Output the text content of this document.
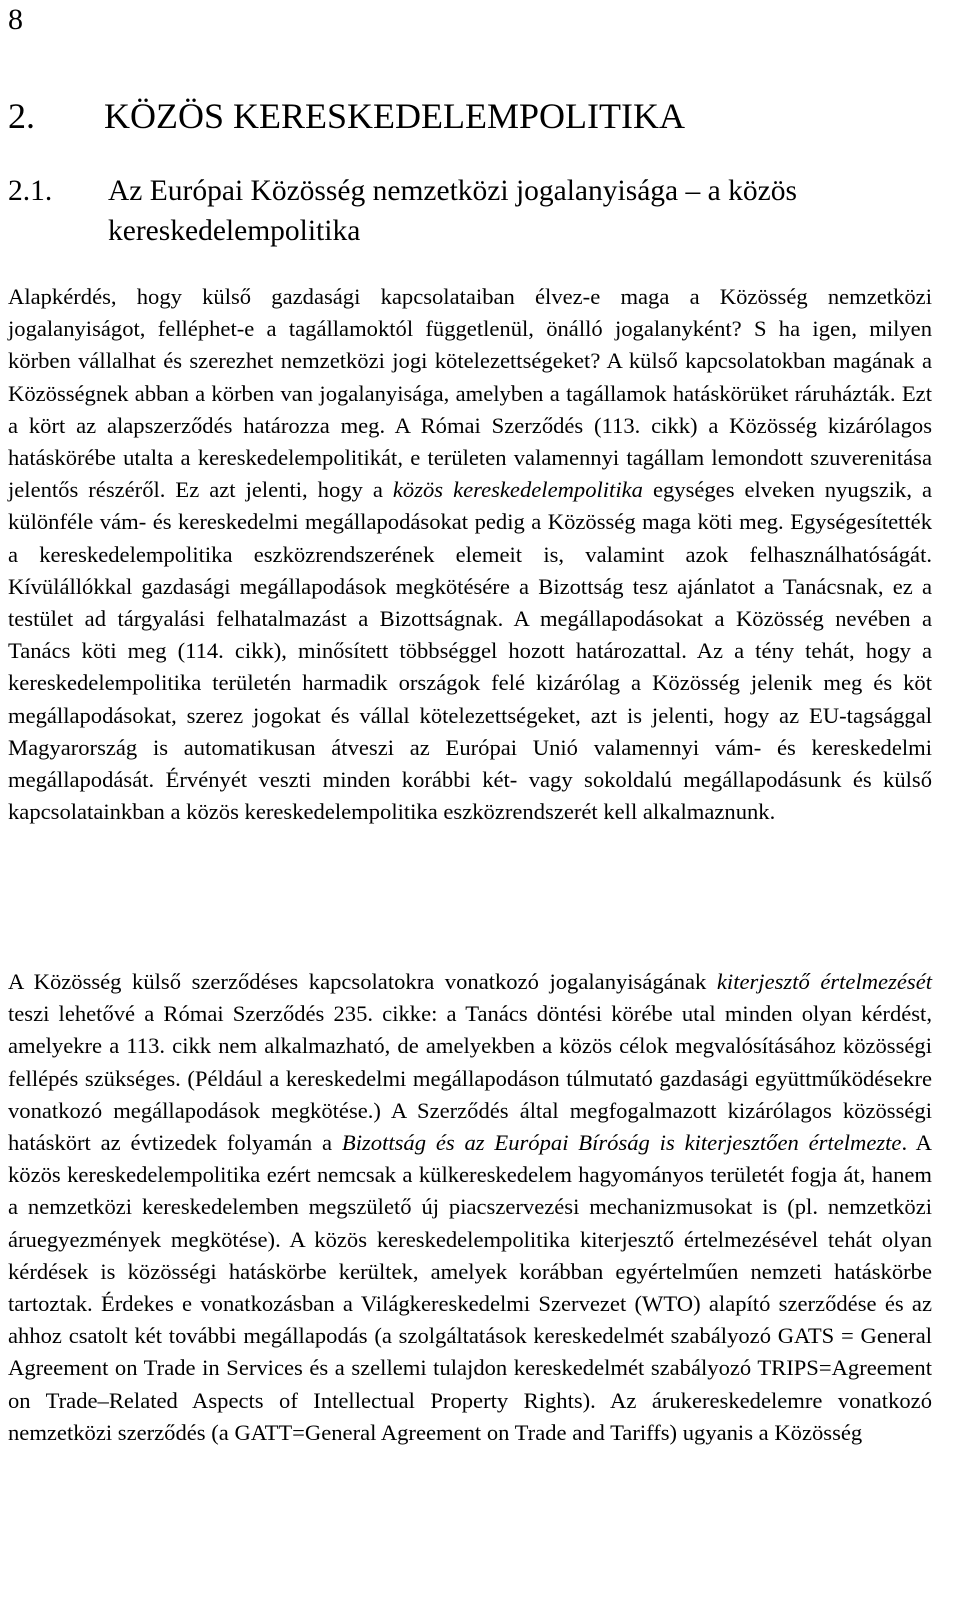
8
2. KÖZÖS KERESKEDELEMPOLITIKA
2.1. Az Európai Közösség nemzetközi jogalanyisága – a közös kereskedelempolitika

Alapkérdés, hogy külső gazdasági kapcsolataiban élvez-e maga a Közösség nemzetközi jogalanyiságot, felléphet-e a tagállamoktól függetlenül, önálló jogalanyként? S ha igen, milyen körben vállalhat és szerezhet nemzetközi jogi kötelezettségeket? A külső kapcsolatokban magának a Közösségnek abban a körben van jogalanyisága, amelyben a tagállamok hatáskörüket ráruházták. Ezt a kört az alapszerződés határozza meg. A Római Szerződés (113. cikk) a Közösség kizárólagos hatáskörébe utalta a kereskedelempolitikát, e területen valamennyi tagállam lemondott szuverenitása jelentős részéről. Ez azt jelenti, hogy a közös kereskedelempolitika egységes elveken nyugszik, a különféle vám- és kereskedelmi megállapodásokat pedig a Közösség maga köti meg. Egységesítették a kereskedelempolitika eszközrendszerének elemeit is, valamint azok felhasználhatóságát. Kívülállókkal gazdasági megállapodások megkötésére a Bizottság tesz ajánlatot a Tanácsnak, ez a testület ad tárgyalási felhatalmazást a Bizottságnak. A megállapodásokat a Közösség nevében a Tanács köti meg (114. cikk), minősített többséggel hozott határozattal. Az a tény tehát, hogy a kereskedelempolitika területén harmadik országok felé kizárólag a Közösség jelenik meg és köt megállapodásokat, szerez jogokat és vállal kötelezettségeket, azt is jelenti, hogy az EU-tagsággal Magyarország is automatikusan átveszi az Európai Unió valamennyi vám- és kereskedelmi megállapodását. Érvényét veszti minden korábbi két- vagy sokoldalú megállapodásunk és külső kapcsolatainkban a közös kereskedelempolitika eszközrendszerét kell alkalmaznunk.

A Közösség külső szerződéses kapcsolatokra vonatkozó jogalanyiságának kiterjesztő értelmezését teszi lehetővé a Római Szerződés 235. cikke: a Tanács döntési körébe utal minden olyan kérdést, amelyekre a 113. cikk nem alkalmazható, de amelyekben a közös célok megvalósításához közösségi fellépés szükséges. (Például a kereskedelmi megállapodáson túlmutató gazdasági együttműködésekre vonatkozó megállapodások megkötése.) A Szerződés által megfogalmazott kizárólagos közösségi hatáskört az évtizedek folyamán a Bizottság és az Európai Bíróság is kiterjesztően értelmezte. A közös kereskedelempolitika ezért nemcsak a külkereskedelem hagyományos területét fogja át, hanem a nemzetközi kereskedelemben megszülető új piacszervezési mechanizmusokat is (pl. nemzetközi áruegyezmények megkötése). A közös kereskedelempolitika kiterjesztő értelmezésével tehát olyan kérdések is közösségi hatáskörbe kerültek, amelyek korábban egyértelműen nemzeti hatáskörbe tartoztak. Érdekes e vonatkozásban a Világkereskedelmi Szervezet (WTO) alapító szerződése és az ahhoz csatolt két további megállapodás (a szolgáltatások kereskedelmét szabályozó GATS = General Agreement on Trade in Services és a szellemi tulajdon kereskedelmét szabályozó TRIPS=Agreement on Trade–Related Aspects of Intellectual Property Rights). Az árukereskedelemre vonatkozó nemzetközi szerződés (a GATT=General Agreement on Trade and Tariffs) ugyanis a Közösség
